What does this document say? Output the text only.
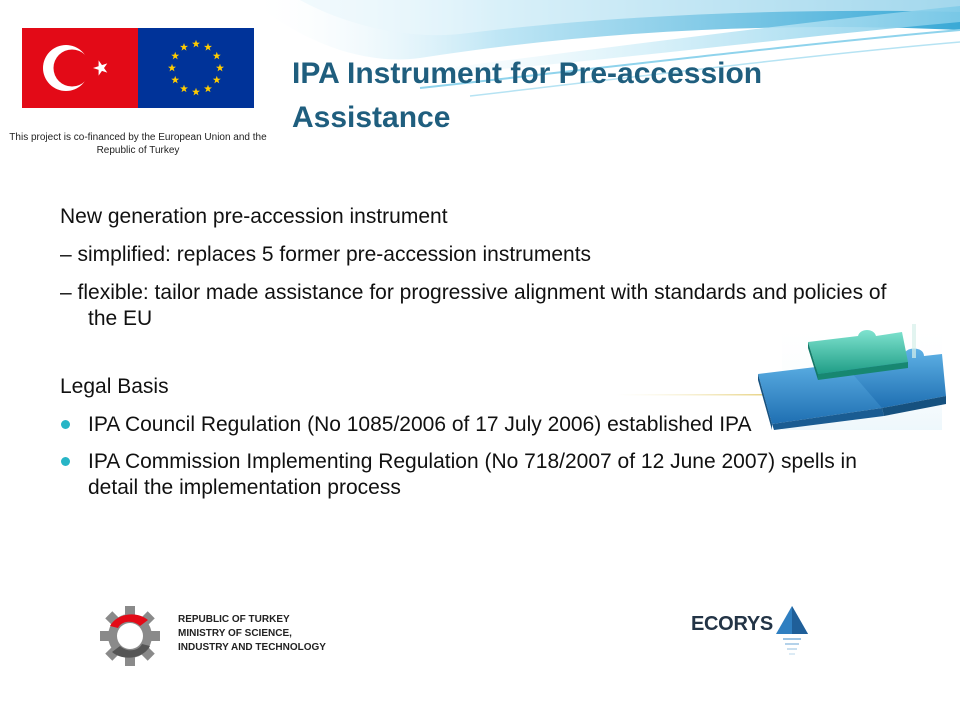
This project is co-financed by the European Union and the Republic of Turkey
IPA Instrument for Pre-accession
Assistance

New generation pre-accession instrument

– simplified: replaces 5 former pre-accession instruments

– flexible: tailor made assistance for progressive alignment with standards and policies of the EU

Legal Basis

IPA Council Regulation (No 1085/2006 of 17 July 2006) established IPA
IPA Commission Implementing Regulation (No 718/2007 of 12 June 2007) spells in detail the implementation process
REPUBLIC OF TURKEY
MINISTRY OF SCIENCE,
INDUSTRY AND TECHNOLOGY
ECORYS
